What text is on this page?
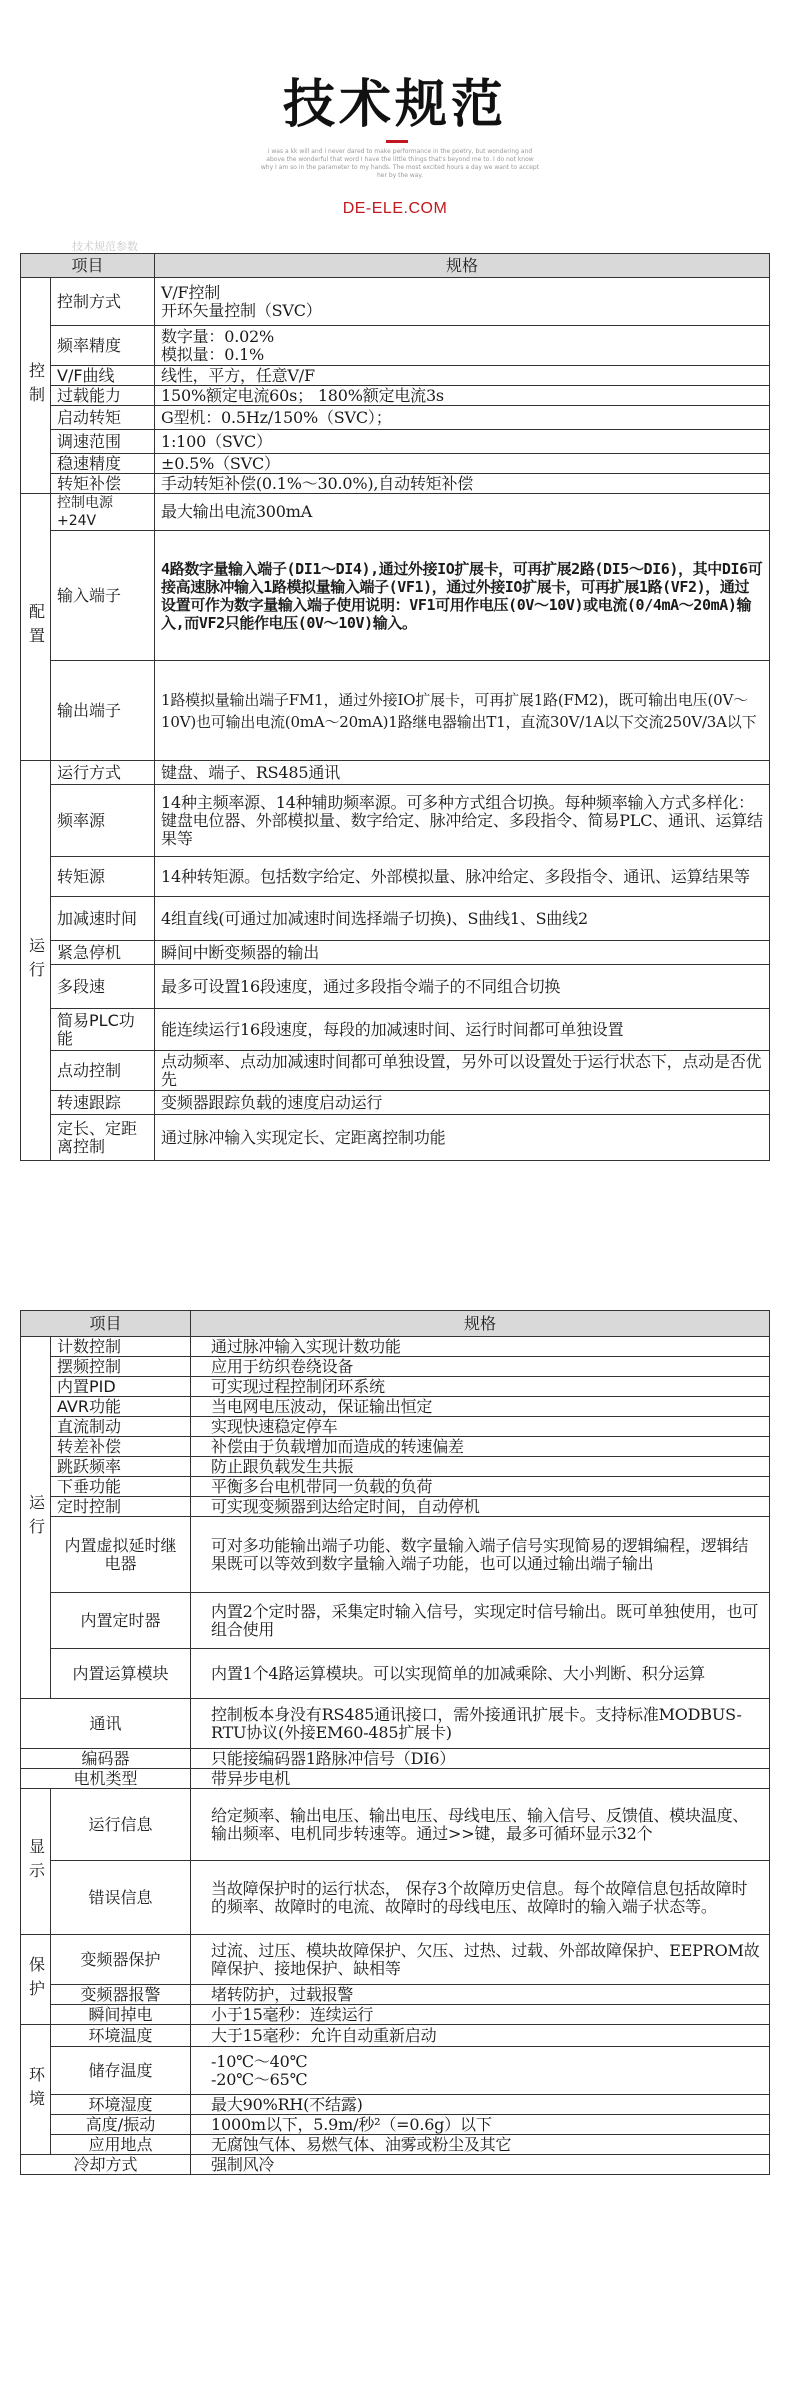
技术规范
i was a kk will and i never dared to make performance in the poetry, but wondering and above the wonderful that word I have the little things that's beyond me to. I do not know why I am so in the parameter to my hands. The most excited hours a day we want to accept her by the way.
DE-ELE.COM
技术规范参数
项目		规格
控制	控制方式	V/F控制
开环矢量控制（SVC）

	频率精度	数字量：0.02%
模拟量：0.1%

	V/F曲线	线性，平方，任意V/F
	过载能力	150%额定电流60s； 180%额定电流3s
	启动转矩	G型机：0.5Hz/150%（SVC）；
	调速范围	1:100（SVC）
	稳速精度	±0.5%（SVC）
	转矩补偿	手动转矩补偿(0.1%～30.0%),自动转矩补偿
配置	控制电源+24V	最大输出电流300mA
	输入端子	4路数字量输入端子(DI1～DI4),通过外接IO扩展卡，可再扩展2路(DI5～DI6)，其中DI6可接高速脉冲输入1路模拟量输入端子(VF1)，通过外接IO扩展卡，可再扩展1路(VF2)，通过设置可作为数字量输入端子使用说明：VF1可用作电压(0V～10V)或电流(0/4mA～20mA)输入,而VF2只能作电压(0V～10V)输入。
	输出端子	1路模拟量输出端子FM1，通过外接IO扩展卡，可再扩展1路(FM2)，既可输出电压(0V～10V)也可输出电流(0mA～20mA)1路继电器输出T1，直流30V/1A以下交流250V/3A以下
运行	运行方式	键盘、端子、RS485通讯
	频率源	14种主频率源、14种辅助频率源。可多种方式组合切换。每种频率输入方式多样化：键盘电位器、外部模拟量、数字给定、脉冲给定、多段指令、简易PLC、通讯、运算结果等
	转矩源	14种转矩源。包括数字给定、外部模拟量、脉冲给定、多段指令、通讯、运算结果等
	加减速时间	4组直线(可通过加减速时间选择端子切换)、S曲线1、S曲线2
	紧急停机	瞬间中断变频器的输出
	多段速	最多可设置16段速度，通过多段指令端子的不同组合切换
	简易PLC功能	能连续运行16段速度，每段的加减速时间、运行时间都可单独设置
	点动控制	点动频率、点动加减速时间都可单独设置，另外可以设置处于运行状态下，点动是否优先
	转速跟踪	变频器跟踪负载的速度启动运行
	定长、定距离控制	通过脉冲输入实现定长、定距离控制功能
项目		规格
运行	计数控制	通过脉冲输入实现计数功能
	摆频控制	应用于纺织卷绕设备
	内置PID	可实现过程控制闭环系统
	AVR功能	当电网电压波动，保证输出恒定
	直流制动	实现快速稳定停车
	转差补偿	补偿由于负载增加而造成的转速偏差
	跳跃频率	防止跟负载发生共振
	下垂功能	平衡多台电机带同一负载的负荷
	定时控制	可实现变频器到达给定时间，自动停机
	内置虚拟延时继电器	可对多功能输出端子功能、数字量输入端子信号实现简易的逻辑编程，逻辑结果既可以等效到数字量输入端子功能，也可以通过输出端子输出
	内置定时器	内置2个定时器，采集定时输入信号，实现定时信号输出。既可单独使用，也可组合使用
	内置运算模块	内置1个4路运算模块。可以实现简单的加减乘除、大小判断、积分运算
通讯		控制板本身没有RS485通讯接口，需外接通讯扩展卡。支持标准MODBUS-RTU协议(外接EM60-485扩展卡)
编码器		只能接编码器1路脉冲信号（DI6）
电机类型		带异步电机
显示	运行信息	给定频率、输出电压、输出电压、母线电压、输入信号、反馈值、模块温度、输出频率、电机同步转速等。通过>>键，最多可循环显示32个
	错误信息	当故障保护时的运行状态， 保存3个故障历史信息。每个故障信息包括故障时的频率、故障时的电流、故障时的母线电压、故障时的输入端子状态等。
保护	变频器保护	过流、过压、模块故障保护、欠压、过热、过载、外部故障保护、EEPROM故障保护、接地保护、缺相等
	变频器报警	堵转防护，过载报警
	瞬间掉电	小于15毫秒：连续运行
环境	环境温度	大于15毫秒：允许自动重新启动
	储存温度	-10℃～40℃
-20℃～65℃

	环境湿度	最大90%RH(不结露)
	高度/振动	1000m以下，5.9m/秒²（=0.6g）以下
	应用地点	无腐蚀气体、易燃气体、油雾或粉尘及其它
冷却方式		强制风冷
